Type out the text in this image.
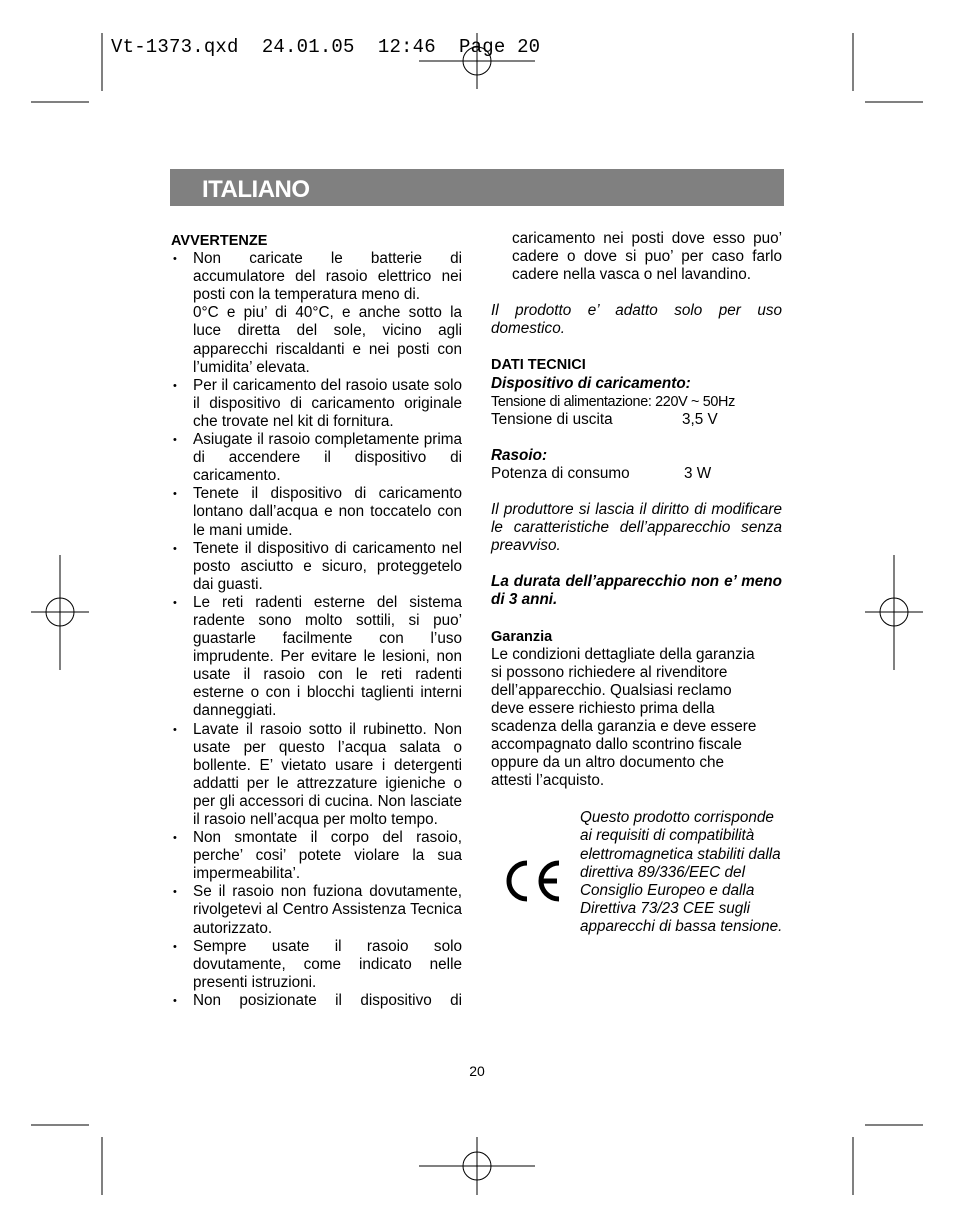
Vt-1373.qxd  24.01.05  12:46  Page 20
ITALIANO

AVVERTENZE

• Non caricate le batterie di accumulatore del rasoio elettrico nei posti con la temperatura meno di.
0°C e piu’ di 40°C, e anche sotto la luce diretta del sole, vicino agli apparecchi riscaldanti e nei posti con l’umidita’ elevata.
• Per il caricamento del rasoio usate solo il dispositivo di caricamento originale che trovate nel kit di fornitura.
• Asiugate il rasoio completamente prima di accendere il dispositivo di caricamento.
• Tenete il dispositivo di caricamento lontano dall’acqua e non toccatelo con le mani umide.
• Tenete il dispositivo di caricamento nel posto asciutto e sicuro, proteggetelo dai guasti.
• Le reti radenti esterne del sistema radente sono molto sottili, si puo’ guastarle facilmente con l’uso imprudente. Per evitare le lesioni, non usate il rasoio con le reti radenti esterne o con i blocchi taglienti interni danneggiati.
• Lavate il rasoio sotto il rubinetto. Non usate per questo l’acqua salata o bollente. E’ vietato usare i detergenti addatti per le attrezzature igieniche o per gli accessori di cucina. Non lasciate il rasoio nell’acqua per molto tempo.
• Non smontate il corpo del rasoio, perche’ cosi’ potete violare la sua impermeabilita’.
• Se il rasoio non fuziona dovutamente, rivolgetevi al Centro Assistenza Tecnica autorizzato.
• Sempre usate il rasoio solo dovutamente, come indicato nelle presenti istruzioni.
• Non posizionate il dispositivo di

caricamento nei posti dove esso puo’ cadere o dove si puo’ per caso farlo cadere nella vasca o nel lavandino.

Il prodotto e’ adatto solo per uso domestico.

DATI TECNICI

Dispositivo di caricamento:

Tensione di alimentazione:
220V ~ 50Hz
Tensione di uscita	3,5 V

Rasoio:

Potenza di consumo	3 W

Il produttore si lascia il diritto di modificare le caratteristiche dell’apparecchio senza preavviso.

La durata dell’apparecchio non e’ meno di 3 anni.

Garanzia

Le condizioni dettagliate della garanzia si possono richiedere al rivenditore dell’apparecchio. Qualsiasi reclamo deve essere richiesto prima della scadenza della garanzia e deve essere accompagnato dallo scontrino fiscale oppure da un altro documento che attesti l’acquisto.

Questo prodotto corrisponde ai requisiti di compatibilità elettromagnetica stabiliti dalla direttiva 89/336/EEC del Consiglio Europeo e dalla Direttiva 73/23 CEE sugli apparecchi di bassa tensione.
20
